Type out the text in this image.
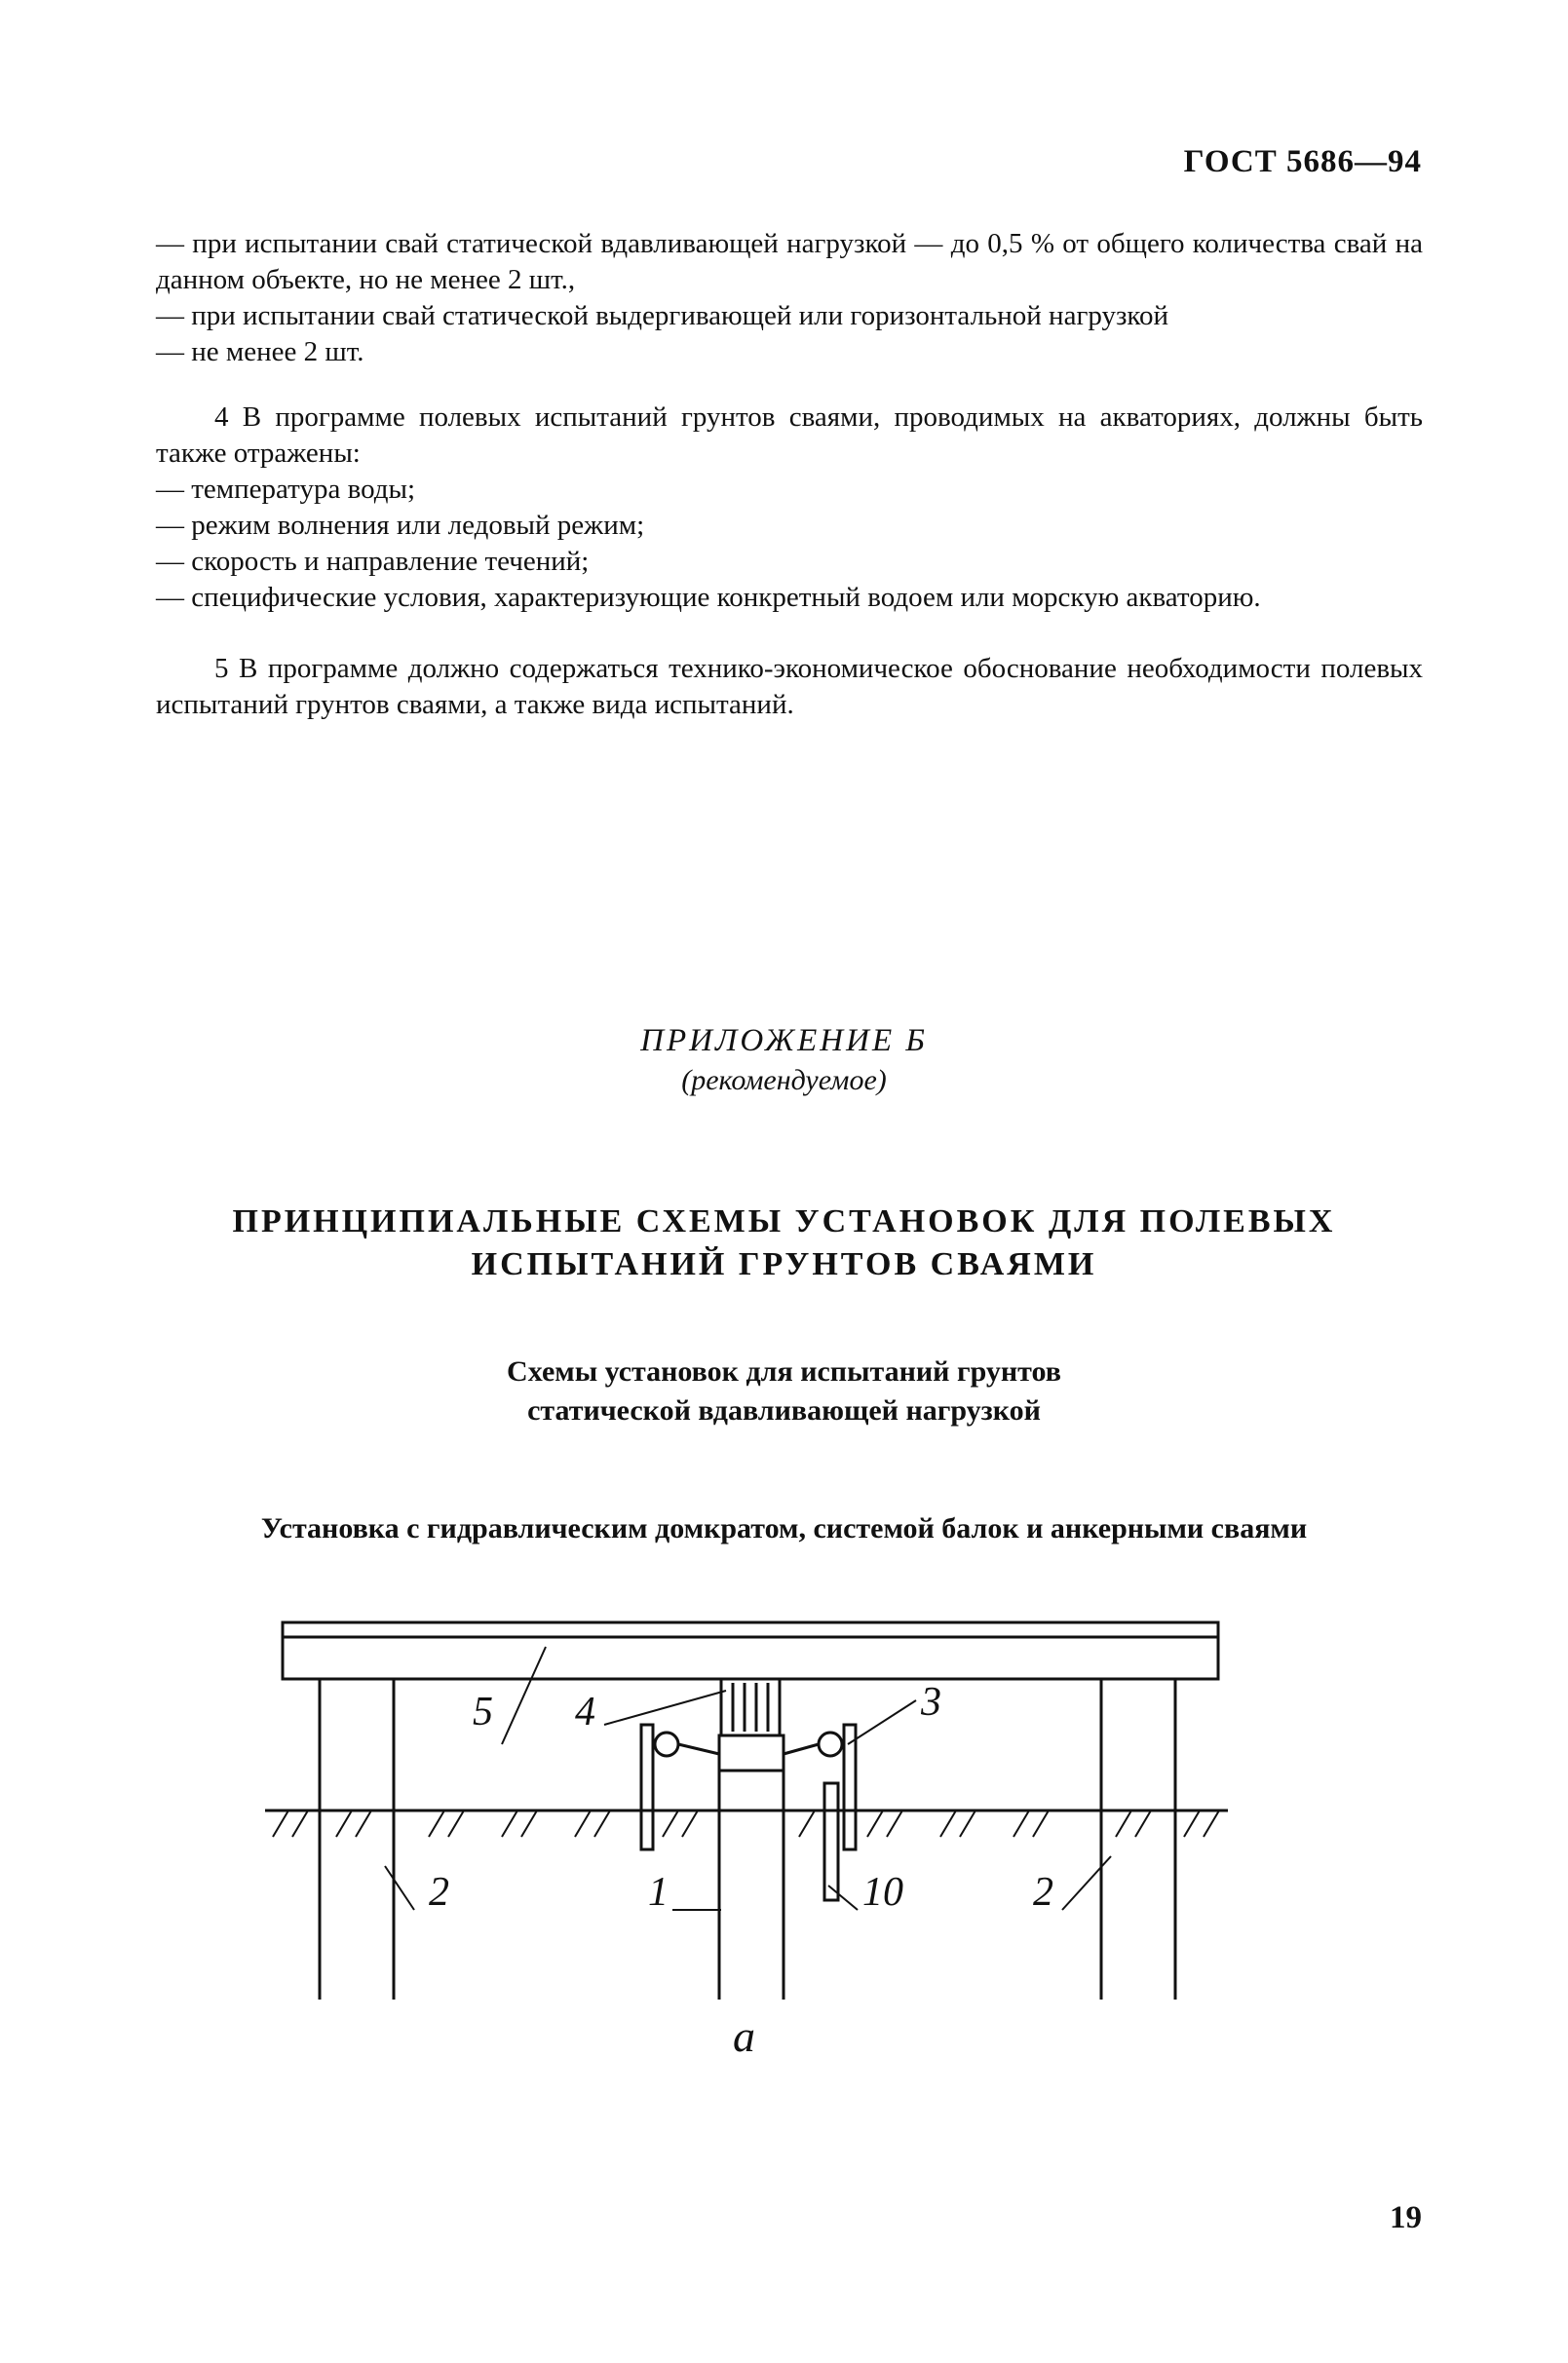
ГОСТ 5686—94

— при испытании свай статической вдавливающей нагрузкой — до 0,5 % от общего количества свай на данном объекте, но не менее 2 шт.,

— при испытании свай статической выдергивающей или горизонтальной нагрузкой

— не менее 2 шт.

4 В программе полевых испытаний грунтов сваями, проводимых на акваториях, должны быть также отражены:

— температура воды;

— режим волнения или ледовый режим;

— скорость и направление течений;

— специфические условия, характеризующие конкретный водоем или морскую акваторию.

5 В программе должно содержаться технико-экономическое обоснование необходимости полевых испытаний грунтов сваями, а также вида испытаний.

ПРИЛОЖЕНИЕ Б
(рекомендуемое)
ПРИНЦИПИАЛЬНЫЕ СХЕМЫ УСТАНОВОК ДЛЯ ПОЛЕВЫХ
ИСПЫТАНИЙ ГРУНТОВ СВАЯМИ
Схемы установок для испытаний грунтов
статической вдавливающей нагрузкой
Установка с гидравлическим домкратом, системой балок и анкерными сваями
5 4	3
2	1	10	2
а
19
